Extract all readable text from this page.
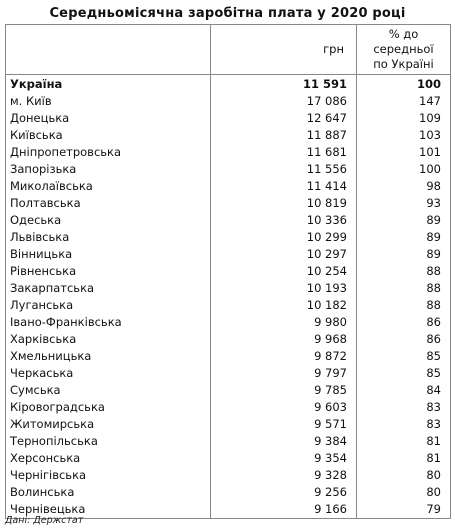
Середньомісячна заробітна плата у 2020 році
	грн	% до
середньої
по Україні

Україна	11 591	100
м. Київ	17 086	147
Донецька	12 647	109
Київська	11 887	103
Дніпропетровська	11 681	101
Запорізька	11 556	100
Миколаївська	11 414	98
Полтавська	10 819	93
Одеська	10 336	89
Львівська	10 299	89
Вінницька	10 297	89
Рівненська	10 254	88
Закарпатська	10 193	88
Луганська	10 182	88
Івано-Франківська	9 980	86
Харківська	9 968	86
Хмельницька	9 872	85
Черкаська	9 797	85
Сумська	9 785	84
Кіровоградська	9 603	83
Житомирська	9 571	83
Тернопільська	9 384	81
Херсонська	9 354	81
Чернігівська	9 328	80
Волинська	9 256	80
Чернівецька	9 166	79
Дані: Держстат
